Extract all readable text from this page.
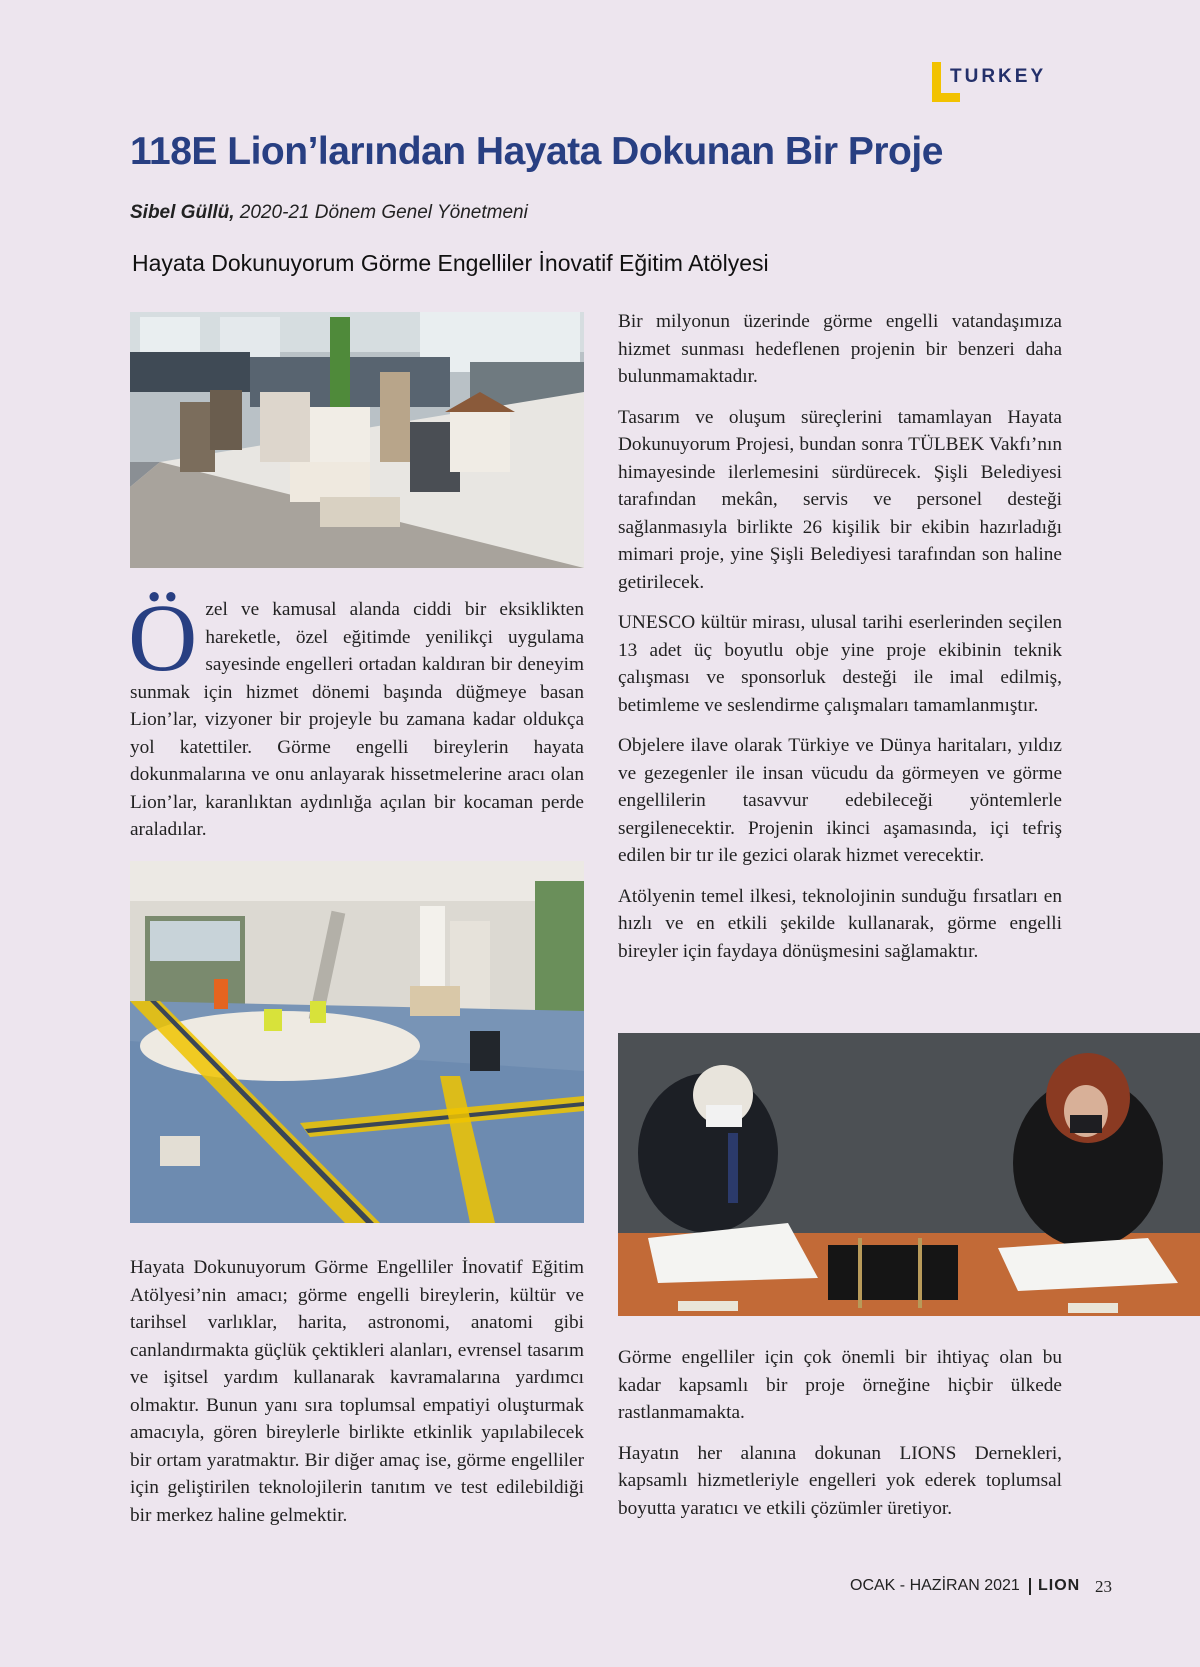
TURKEY
118E Lion’larından Hayata Dokunan Bir Proje
Sibel Güllü, 2020-21 Dönem Genel Yönetmeni
Hayata Dokunuyorum Görme Engelliler İnovatif Eğitim Atölyesi

Özel ve kamusal alanda ciddi bir eksiklikten hareketle, özel eğitimde yenilikçi uygulama sayesinde engelleri ortadan kaldıran bir deneyim sunmak için hizmet dönemi başında düğmeye basan Lion’lar, vizyoner bir projeyle bu zamana kadar oldukça yol katettiler. Görme engelli bireylerin hayata dokunmalarına ve onu anlayarak hissetmelerine aracı olan Lion’lar, karanlıktan aydınlığa açılan bir kocaman perde araladılar.

Hayata Dokunuyorum Görme Engelliler İnovatif Eğitim Atölyesi’nin amacı; görme engelli bireylerin, kültür ve tarihsel varlıklar, harita, astronomi, anatomi gibi canlandırmakta güçlük çektikleri alanları, evrensel tasarım ve işitsel yardım kullanarak kavramalarına yardımcı olmaktır. Bunun yanı sıra toplumsal empatiyi oluşturmak amacıyla, gören bireylerle birlikte etkinlik yapılabilecek bir ortam yaratmaktır. Bir diğer amaç ise, görme engelliler için geliştirilen teknolojilerin tanıtım ve test edilebildiği bir merkez haline gelmektir.

Bir milyonun üzerinde görme engelli vatandaşımıza hizmet sunması hedeflenen projenin bir benzeri daha bulunmamaktadır.

Tasarım ve oluşum süreçlerini tamamlayan Hayata Dokunuyorum Projesi, bundan sonra TÜLBEK Vakfı’nın himayesinde ilerlemesini sürdürecek. Şişli Belediyesi tarafından mekân, servis ve personel desteği sağlanmasıyla birlikte 26 kişilik bir ekibin hazırladığı mimari proje, yine Şişli Belediyesi tarafından son haline getirilecek.

UNESCO kültür mirası, ulusal tarihi eserlerinden seçilen 13 adet üç boyutlu obje yine proje ekibinin teknik çalışması ve sponsorluk desteği ile imal edilmiş, betimleme ve seslendirme çalışmaları tamamlanmıştır.

Objelere ilave olarak Türkiye ve Dünya haritaları, yıldız ve gezegenler ile insan vücudu da görmeyen ve görme engellilerin tasavvur edebileceği yöntemlerle sergilenecektir. Projenin ikinci aşamasında, içi tefriş edilen bir tır ile gezici olarak hizmet verecektir.

Atölyenin temel ilkesi, teknolojinin sunduğu fırsatları en hızlı ve en etkili şekilde kullanarak, görme engelli bireyler için faydaya dönüşmesini sağlamaktır.

Görme engelliler için çok önemli bir ihtiyaç olan bu kadar kapsamlı bir proje örneğine hiçbir ülkede rastlanmamakta.

Hayatın her alanına dokunan LIONS Dernekleri, kapsamlı hizmetleriyle engelleri yok ederek toplumsal boyutta yaratıcı ve etkili çözümler üretiyor.

OCAK - HAZİRAN 2021 LION 23
